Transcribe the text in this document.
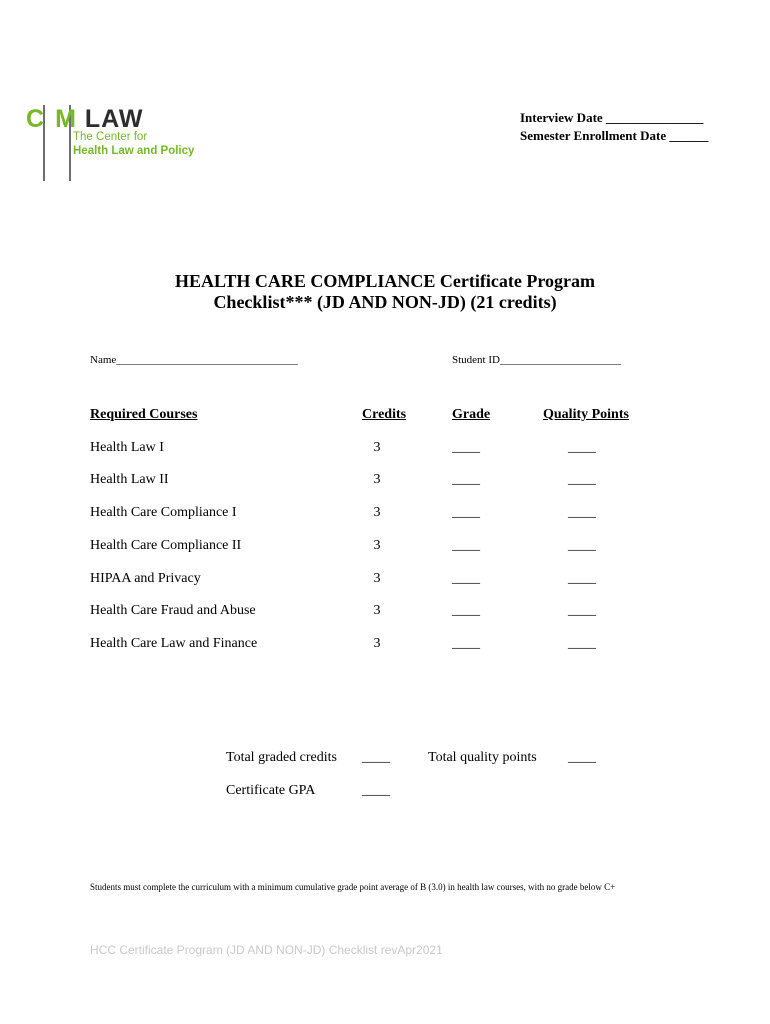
C M LAW
The Center for
Health Law and Policy
Interview Date _______________
Semester Enrollment Date ______
HEALTH CARE COMPLIANCE Certificate Program
Checklist*** (JD AND NON-JD) (21 credits)
Name_________________________________	Student ID______________________
Required Courses	Credits	Grade	Quality Points
Health Law I	3	____	____
Health Law II	3	____	____
Health Care Compliance I	3	____	____
Health Care Compliance II	3	____	____
HIPAA and Privacy	3	____	____
Health Care Fraud and Abuse	3	____	____
Health Care Law and Finance	3	____	____
Total graded credits ____	Total quality points ____
Certificate GPA	____
Students must complete the curriculum with a minimum cumulative grade point average of B (3.0) in health law courses, with no grade below C+
HCC Certificate Program (JD AND NON-JD) Checklist revApr2021
